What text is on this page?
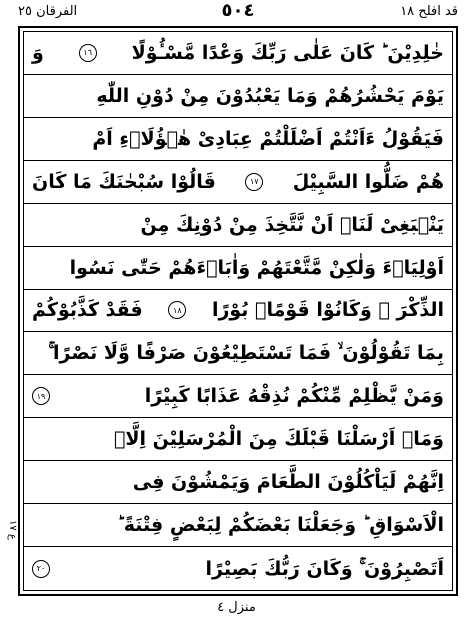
قد افلح ١٨
٥٠٤
الفرقان ٢٥
خٰلِدِيْنَ ؕ كَانَ عَلٰى رَبِّكَ وَعْدًا مَّسْـُٔوْلًا
١٦
وَ
يَوْمَ يَحْشُرُهُمْ وَمَا يَعْبُدُوْنَ مِنْ دُوْنِ اللّٰهِ
فَيَقُوْلُ ءَاَنْتُمْ اَضْلَلْتُمْ عِبَادِىْ هٰۤؤُلَاۤءِ اَمْ
هُمْ ضَلُّوا السَّبِيْلَ
١٧
قَالُوْا سُبْحٰنَكَ مَا كَانَ
يَنْۢبَغِىْ لَنَاۤ اَنْ نَّتَّخِذَ مِنْ دُوْنِكَ مِنْ
اَوْلِيَاۤءَ وَلٰكِنْ مَّتَّعْتَهُمْ وَاٰبَاۤءَهُمْ حَتّٰى نَسُوا
الذِّكْرَ ۚ وَكَانُوْا قَوْمًاۢ بُوْرًا
١٨
فَقَدْ كَذَّبُوْكُمْ
بِمَا تَقُوْلُوْنَ ۙ فَمَا تَسْتَطِيْعُوْنَ صَرْفًا وَّلَا نَصْرًا ۚ
وَمَنْ يَّظْلِمْ مِّنْكُمْ نُذِقْهُ عَذَابًا كَبِيْرًا
١٩
وَمَاۤ اَرْسَلْنَا قَبْلَكَ مِنَ الْمُرْسَلِيْنَ اِلَّاۤ
اِنَّهُمْ لَيَاْكُلُوْنَ الطَّعَامَ وَيَمْشُوْنَ فِى
الْاَسْوَاقِ ؕ وَجَعَلْنَا بَعْضَكُمْ لِبَعْضٍ فِتْنَةً ؕ
اَتَصْبِرُوْنَ ۚ وَكَانَ رَبُّكَ بَصِيْرًا
٢٠
ع ١٧
منزل ٤
